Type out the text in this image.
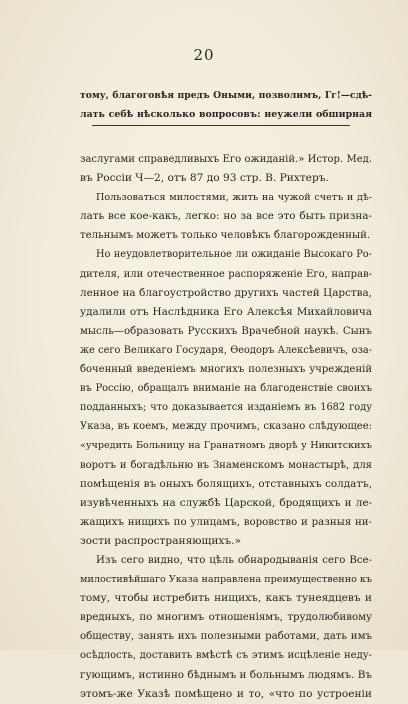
20
тому, благоговѣя предъ Оными, позволимъ, Гг!—сдѣ-
лать себѣ нѣсколько вопросовъ: неужели обширная
заслугами справедливыхъ Его ожиданій.» Истор. Мед.
въ Россіи Ч—2, отъ 87 до 93 стр. В. Рихтеръ.
Пользоваться милостями, жить на чужой счетъ и дѣ-
лать все кое-какъ, легко: но за все это быть призна-
тельнымъ можетъ только человѣкъ благорожденный.
Но неудовлетворительное ли ожиданіе Высокаго Ро-
дителя, или отечественное распоряженіе Его, направ-
ленное на благоустройство другихъ частей Царства,
удалили отъ Наслѣдника Его Алексѣя Михайловича
мысль—образовать Русскихъ Врачебной наукѣ. Сынъ
же сего Великаго Государя, Ѳеодоръ Алексѣевичъ, оза-
боченный введеніемъ многихъ полезныхъ учрежденій
въ Россію, обращалъ вниманіе на благоденствіе своихъ
подданныхъ; что доказывается изданіемъ въ 1682 году
Указа, въ коемъ, между прочимъ, сказано слѣдующее:
«учредить Больницу на Гранатномъ дворѣ у Никитскихъ
воротъ и богадѣльню въ Знаменскомъ монастырѣ, для
помѣщенія въ оныхъ болящихъ, отставныхъ солдатъ,
изувѣченныхъ на службѣ Царской, бродящихъ и ле-
жащихъ нищихъ по улицамъ, воровство и разныя ни-
зости распространяющихъ.»
Изъ сего видно, что цѣль обнародыванія сего Все-
милостивѣйшаго Указа направлена преимущественно къ
тому, чтобы истребить нищихъ, какъ тунеядцевъ и
вредныхъ, по многимъ отношеніямъ, трудолюбивому
обществу, занять ихъ полезными работами, дать имъ
осѣдлость, доставить вмѣстѣ съ этимъ исцѣленіе неду-
гующимъ, истинно бѣднымъ и больнымъ людямъ. Въ
этомъ-же Указѣ помѣщено и то, «что по устроеніи
